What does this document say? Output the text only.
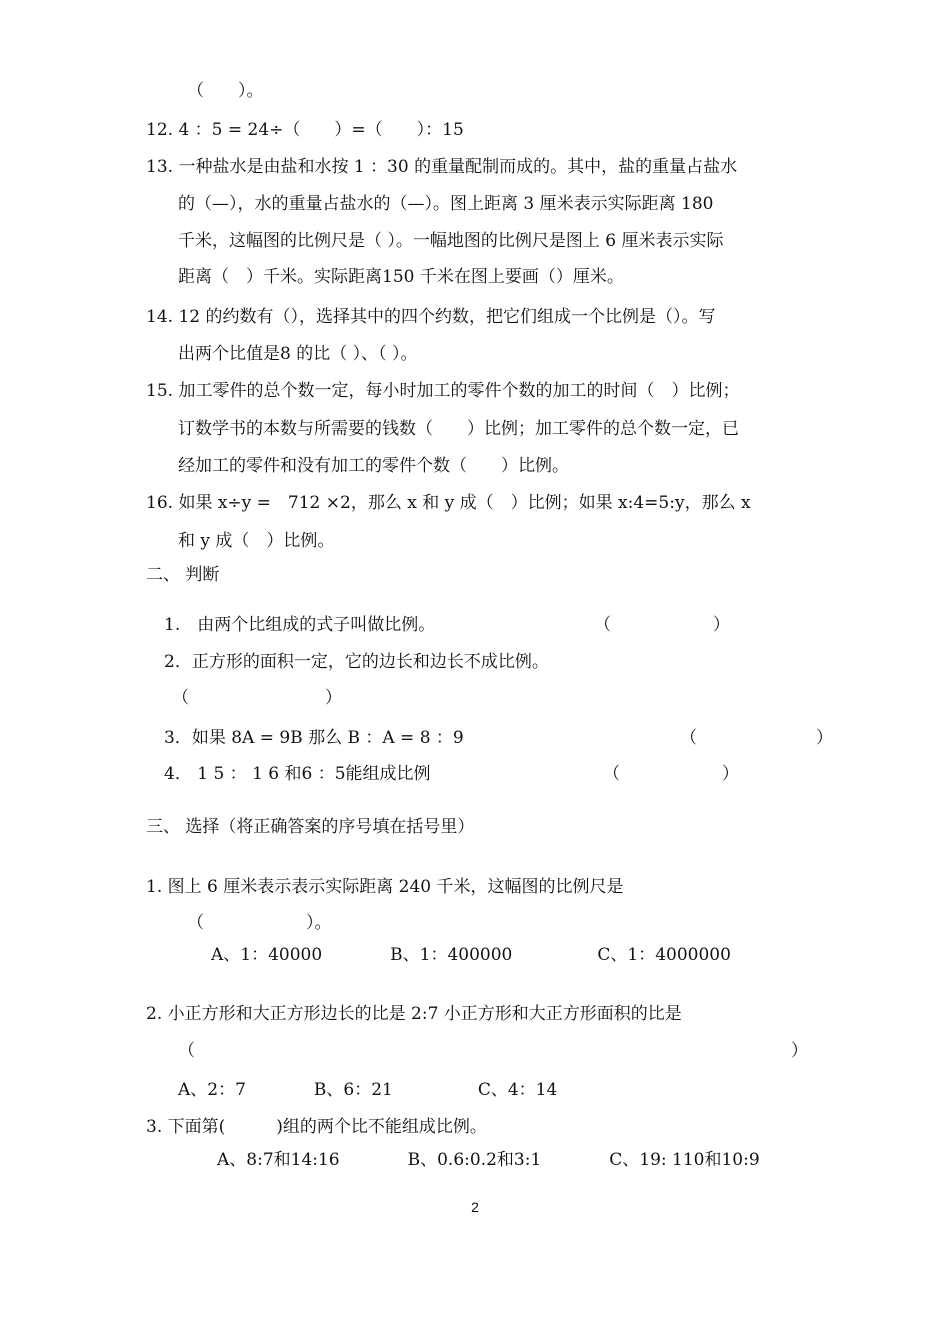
（　　）。
12. 4 ：5 = 24÷（　　）=（　　）：15
13. 一种盐水是由盐和水按 1 ：30 的重量配制而成的。其中，盐的重量占盐水
的（—），水的重量占盐水的（—）。图上距离 3 厘米表示实际距离 180
千米，这幅图的比例尺是（ ）。一幅地图的比例尺是图上 6 厘米表示实际
距离（　）千米。实际距离150 千米在图上要画（）厘米。
14. 12 的约数有（），选择其中的四个约数，把它们组成一个比例是（）。写
出两个比值是8 的比（ ）、（ ）。
15. 加工零件的总个数一定，每小时加工的零件个数的加工的时间（　）比例；
订数学书的本数与所需要的钱数（　　）比例；加工零件的总个数一定，已
经加工的零件和没有加工的零件个数（　　）比例。
16. 如果 x÷y =　712 ×2，那么 x 和 y 成（　）比例；如果 x:4=5:y，那么 x
和 y 成（　）比例。
二、 判断
1.　由两个比组成的式子叫做比例。	（　　　　　　）
2．正方形的面积一定，它的边长和边长不成比例。
（　　　　　　　　）
3．如果 8A = 9B 那么 B ：A = 8 ：9	（　　　　　　　）
4． 1 5 ： 1 6 和6 ：5能组成比例	（　　　　　　）
三、 选择（将正确答案的序号填在括号里）
1. 图上 6 厘米表示表示实际距离 240 千米，这幅图的比例尺是
（　　　　　　）。
A、1：40000　　　　B、1：400000　　　　　C、1：4000000
2. 小正方形和大正方形边长的比是 2:7 小正方形和大正方形面积的比是
（	）
A、2：7　　　　B、6：21　　　　　C、4：14
3. 下面第(　　　)组的两个比不能组成比例。
A、8:7和14:16　　　　B、0.6:0.2和3:1　　　　C、19: 110和10:9
2
